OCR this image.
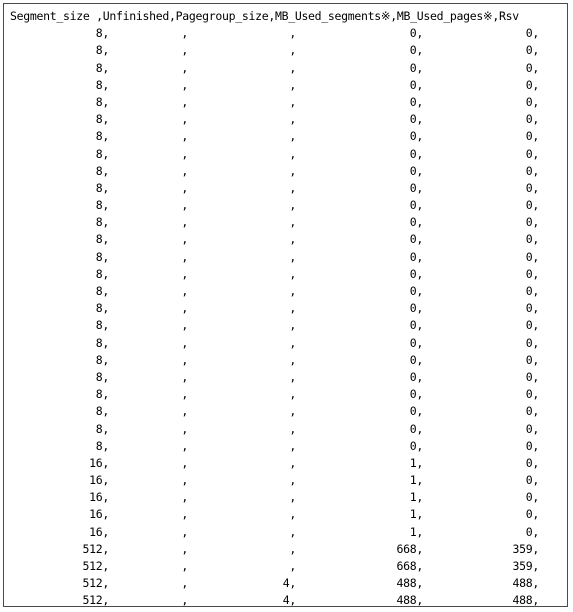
Segment_size ,Unfinished,Pagegroup_size,MB_Used_segments※,MB_Used_pages※,Rsv
8,	,	,	0,	0,
8,	,	,	0,	0,
8,	,	,	0,	0,
8,	,	,	0,	0,
8,	,	,	0,	0,
8,	,	,	0,	0,
8,	,	,	0,	0,
8,	,	,	0,	0,
8,	,	,	0,	0,
8,	,	,	0,	0,
8,	,	,	0,	0,
8,	,	,	0,	0,
8,	,	,	0,	0,
8,	,	,	0,	0,
8,	,	,	0,	0,
8,	,	,	0,	0,
8,	,	,	0,	0,
8,	,	,	0,	0,
8,	,	,	0,	0,
8,	,	,	0,	0,
8,	,	,	0,	0,
8,	,	,	0,	0,
8,	,	,	0,	0,
8,	,	,	0,	0,
8,	,	,	0,	0,
16,	,	,	1,	0,
16,	,	,	1,	0,
16,	,	,	1,	0,
16,	,	,	1,	0,
16,	,	,	1,	0,
512,	,	,	668,	359,
512,	,	,	668,	359,
512,	,	4,	488,	488,
512,	,	4,	488,	488,
